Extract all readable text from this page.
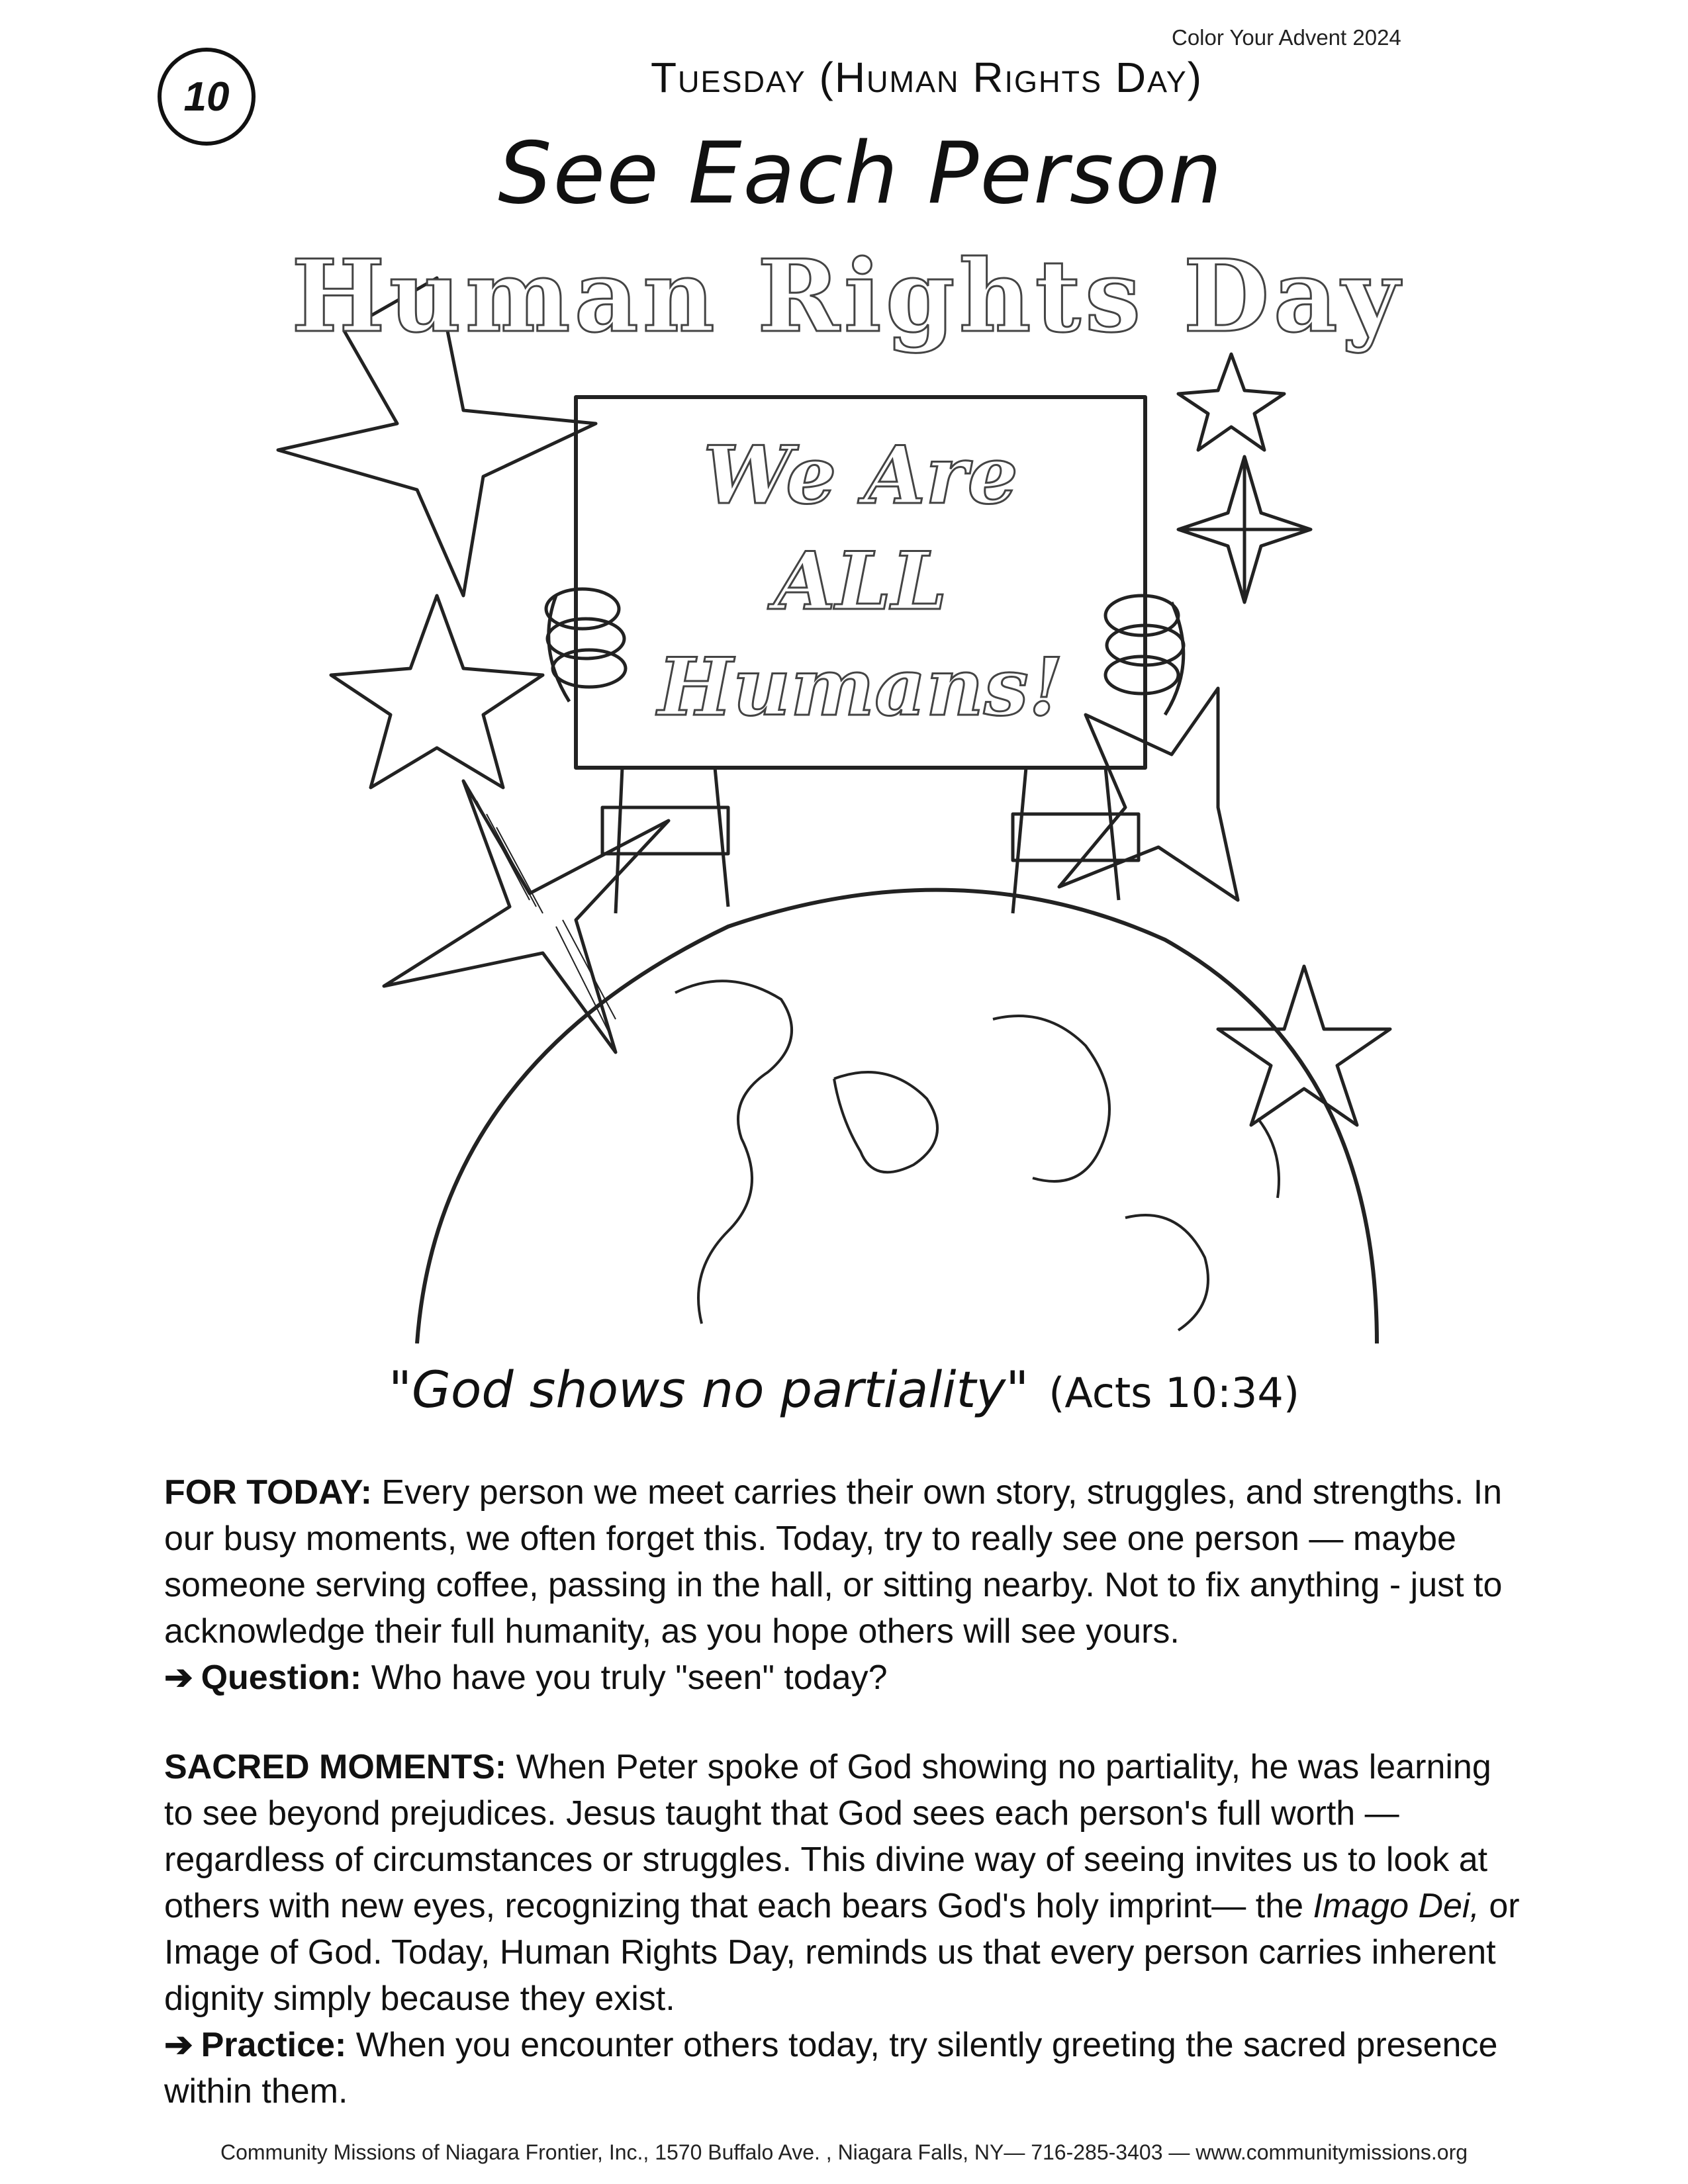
Color Your Advent 2024
10	Tuesday (Human Rights Day)
See Each Person
Human Rights Day
We Are
ALL
Humans!
"God shows no partiality" (Acts 10:34)

FOR TODAY: Every person we meet carries their own story, struggles, and strengths. In our busy moments, we often forget this. Today, try to really see one person — maybe someone serving coffee, passing in the hall, or sitting nearby. Not to fix anything - just to acknowledge their full humanity, as you hope others will see yours.

➔ Question: Who have you truly "seen" today?

SACRED MOMENTS: When Peter spoke of God showing no partiality, he was learning to see beyond prejudices. Jesus taught that God sees each person's full worth — regardless of circumstances or struggles. This divine way of seeing invites us to look at others with new eyes, recognizing that each bears God's holy imprint— the Imago Dei, or Image of God. Today, Human Rights Day, reminds us that every person carries inherent dignity simply because they exist.

➔ Practice: When you encounter others today, try silently greeting the sacred presence within them.

Community Missions of Niagara Frontier, Inc., 1570 Buffalo Ave. , Niagara Falls, NY— 716-285-3403 — www.communitymissions.org
